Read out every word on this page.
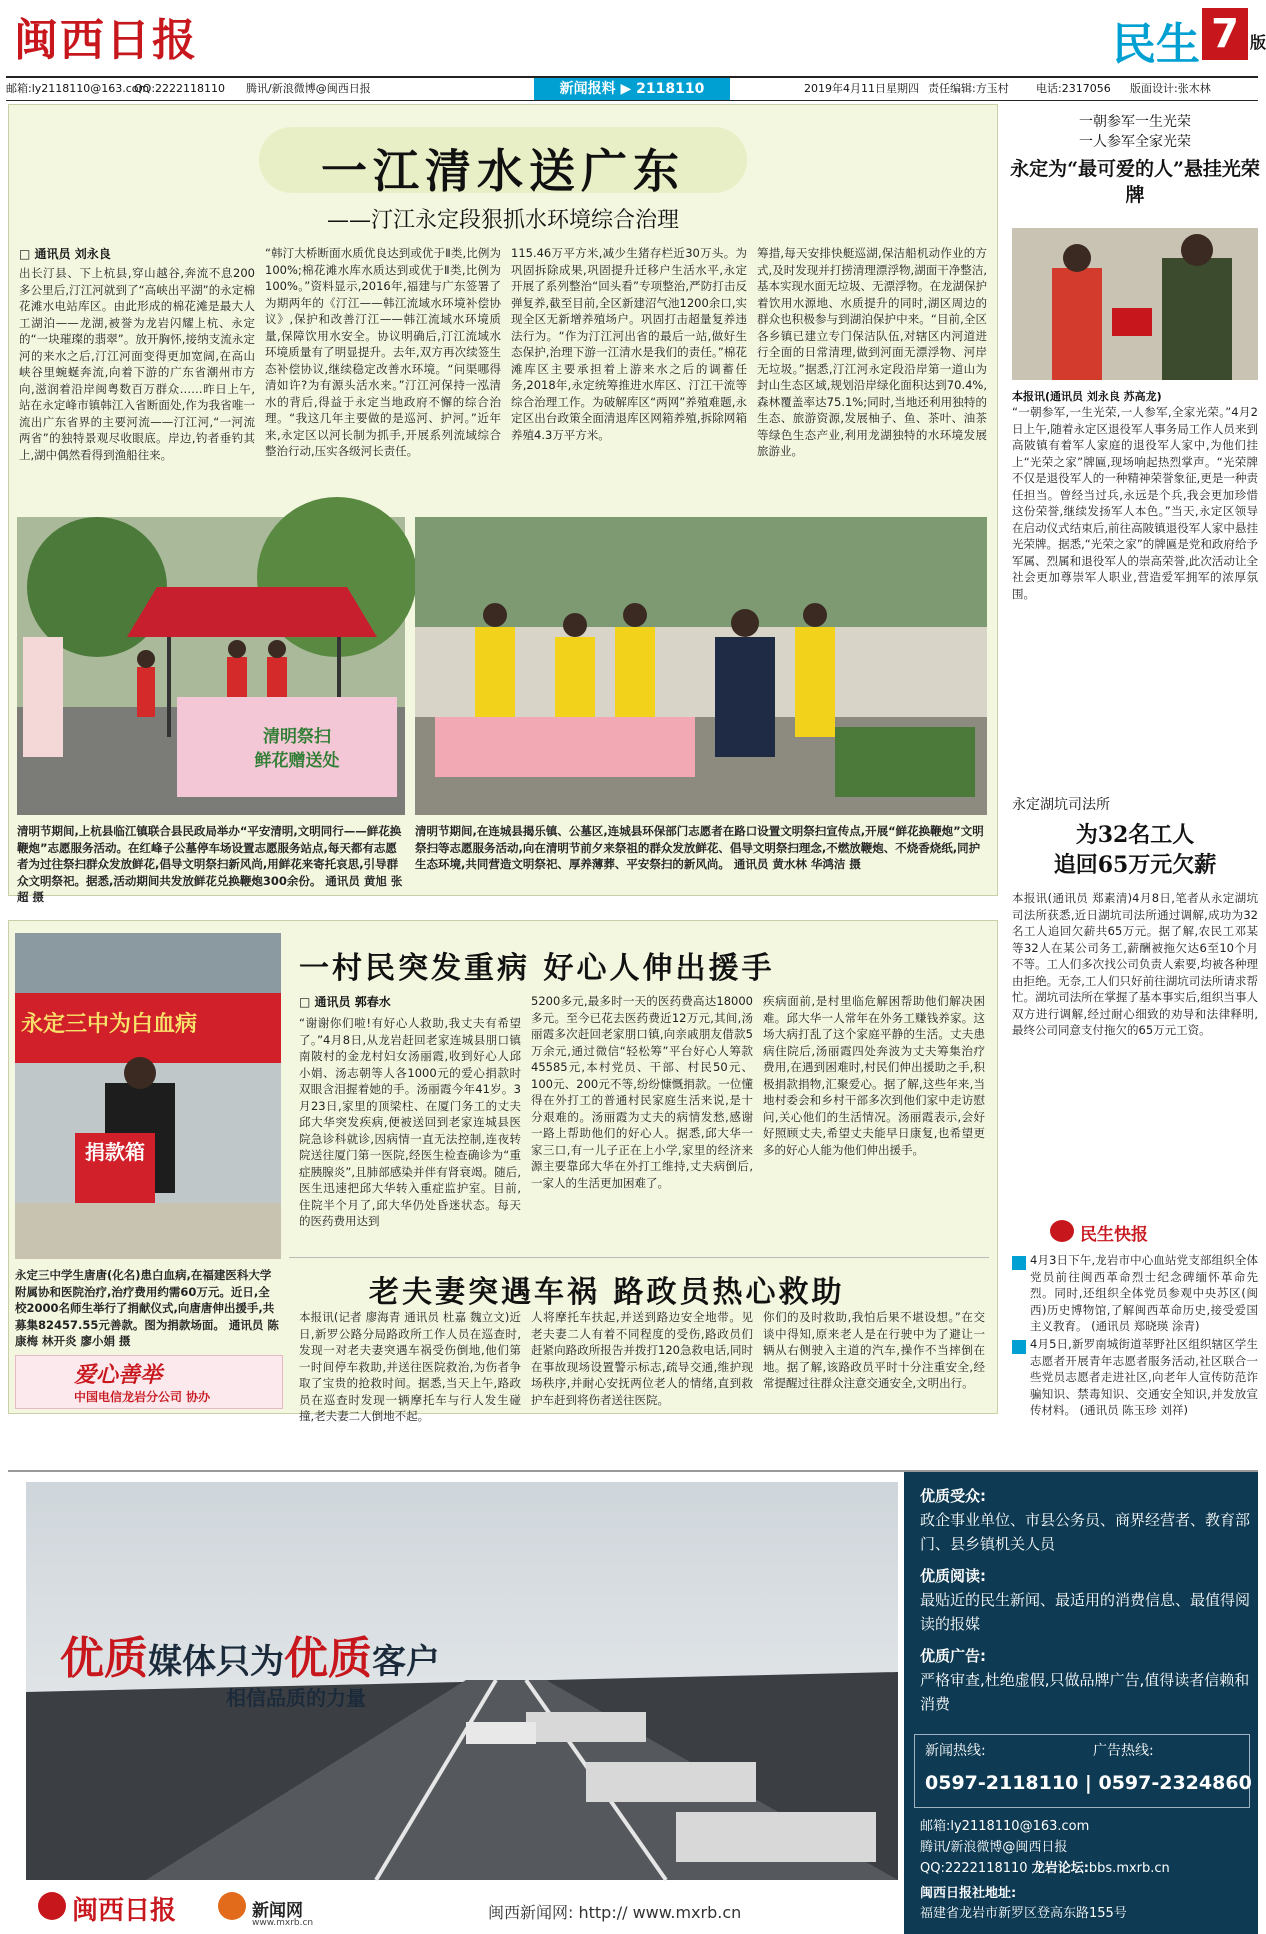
闽西日报	民生 7 版
邮箱:ly2118110@163.com
QQ:2222118110 腾讯/新浪微博@闽西日报	新闻报料 ▶ 2118110	2019年4月11日 星期四 责任编辑:方玉村 电话:2317056 版面设计:张木林
一江清水送广东
——汀江永定段狠抓水环境综合治理
□ 通讯员 刘永良
出长汀县、下上杭县,穿山越谷,奔流不息200多公里后,汀江河就到了“高峡出平湖”的永定棉花滩水电站库区。由此形成的棉花滩是最大人工湖泊——龙湖,被誉为龙岩闪耀上杭、永定的“一块璀璨的翡翠”。放开胸怀,接纳支流永定河的来水之后,汀江河面变得更加宽阔,在高山峡谷里蜿蜒奔流,向着下游的广东省潮州市方向,滋润着沿岸闽粤数百万群众……昨日上午,站在永定峰市镇韩江入省断面处,作为我省唯一流出广东省界的主要河流——汀江河,“一河流两省”的独特景观尽收眼底。岸边,钓者垂钓其上,湖中偶然看得到渔船往来。
“韩汀大桥断面水质优良达到或优于Ⅱ类,比例为100%;棉花滩水库水质达到或优于Ⅱ类,比例为100%。”资料显示,2016年,福建与广东签署了为期两年的《汀江——韩江流域水环境补偿协议》,保护和改善汀江——韩江流域水环境质量,保障饮用水安全。协议明确后,汀江流域水环境质量有了明显提升。去年,双方再次续签生态补偿协议,继续稳定改善水环境。“问渠哪得清如许?为有源头活水来。”汀江河保持一泓清水的背后,得益于永定当地政府不懈的综合治理。“我这几年主要做的是巡河、护河。”近年来,永定区以河长制为抓手,开展系列流域综合整治行动,压实各级河长责任。
115.46万平方米,减少生猪存栏近30万头。为巩固拆除成果,巩固提升迁移户生活水平,永定开展了系列整治“回头看”专项整治,严防打击反弹复养,截至目前,全区新建沼气池1200余口,实现全区无新增养殖场户。巩固打击超量复养违法行为。“作为汀江河出省的最后一站,做好生态保护,治理下游一江清水是我们的责任。”棉花滩库区主要承担着上游来水之后的调蓄任务,2018年,永定统筹推进水库区、汀江干流等综合治理工作。为破解库区“两网”养殖难题,永定区出台政策全面清退库区网箱养殖,拆除网箱养殖4.3万平方米。
筹措,每天安排快艇巡湖,保洁船机动作业的方式,及时发现并打捞清理漂浮物,湖面干净整洁,基本实现水面无垃圾、无漂浮物。在龙湖保护着饮用水源地、水质提升的同时,湖区周边的群众也积极参与到湖泊保护中来。“目前,全区各乡镇已建立专门保洁队伍,对辖区内河道进行全面的日常清理,做到河面无漂浮物、河岸无垃圾。”据悉,汀江河永定段沿岸第一道山为封山生态区域,规划沿岸绿化面积达到70.4%,森林覆盖率达75.1%;同时,当地还利用独特的生态、旅游资源,发展柚子、鱼、茶叶、油茶等绿色生态产业,利用龙湖独特的水环境发展旅游业。
清明祭扫
鲜花赠送处
清明节期间,上杭县临江镇联合县民政局举办“平安清明,文明同行——鲜花换鞭炮”志愿服务活动。在红峰子公墓停车场设置志愿服务站点,每天都有志愿者为过往祭扫群众发放鲜花,倡导文明祭扫新风尚,用鲜花来寄托哀思,引导群众文明祭祀。据悉,活动期间共发放鲜花兑换鞭炮300余份。 通讯员 黄旭 张超 摄
清明节期间,在连城县揭乐镇、公墓区,连城县环保部门志愿者在路口设置文明祭扫宣传点,开展“鲜花换鞭炮”文明祭扫等志愿服务活动,向在清明节前夕来祭祖的群众发放鲜花、倡导文明祭扫理念,不燃放鞭炮、不烧香烧纸,同护生态环境,共同营造文明祭祀、厚养薄葬、平安祭扫的新风尚。 通讯员 黄水林 华鸿洁 摄
永定三中为白血病
捐款箱
永定三中学生唐唐(化名)患白血病,在福建医科大学附属协和医院治疗,治疗费用约需60万元。近日,全校2000名师生举行了捐献仪式,向唐唐伸出援手,共募集82457.55元善款。图为捐款场面。 通讯员 陈康梅 林开炎 廖小娟 摄
爱心善举
中国电信龙岩分公司 协办
一村民突发重病 好心人伸出援手
□ 通讯员 郭春水
“谢谢你们啦!有好心人救助,我丈夫有希望了。”4月8日,从龙岩赶回老家连城县朋口镇南陂村的金龙村妇女汤丽霞,收到好心人邱小娟、汤志朝等人各1000元的爱心捐款时双眼含泪握着她的手。汤丽霞今年41岁。3月23日,家里的顶梁柱、在厦门务工的丈夫邱大华突发疾病,便被送回到老家连城县医院急诊科就诊,因病情一直无法控制,连夜转院送往厦门第一医院,经医生检查确诊为“重症胰腺炎”,且肺部感染并伴有肾衰竭。随后,医生迅速把邱大华转入重症监护室。目前,住院半个月了,邱大华仍处昏迷状态。每天的医药费用达到
5200多元,最多时一天的医药费高达18000多元。至今已花去医药费近12万元,其间,汤丽霞多次赶回老家朋口镇,向亲戚朋友借款5万余元,通过微信“轻松筹”平台好心人筹款45585元,本村党员、干部、村民50元、100元、200元不等,纷纷慷慨捐款。一位懂得在外打工的普通村民家庭生活来说,是十分艰难的。汤丽霞为丈夫的病情发愁,感谢一路上帮助他们的好心人。据悉,邱大华一家三口,有一儿子正在上小学,家里的经济来源主要靠邱大华在外打工维持,丈夫病倒后,一家人的生活更加困难了。
疾病面前,是村里临危解困帮助他们解决困难。邱大华一人常年在外务工赚钱养家。这场大病打乱了这个家庭平静的生活。丈夫患病住院后,汤丽霞四处奔波为丈夫筹集治疗费用,在遇到困难时,村民们伸出援助之手,积极捐款捐物,汇聚爱心。据了解,这些年来,当地村委会和乡村干部多次到他们家中走访慰问,关心他们的生活情况。汤丽霞表示,会好好照顾丈夫,希望丈夫能早日康复,也希望更多的好心人能为他们伸出援手。
老夫妻突遇车祸 路政员热心救助
本报讯(记者 廖海青 通讯员 杜嘉 魏立文)近日,新罗公路分局路政所工作人员在巡查时,发现一对老夫妻突遇车祸受伤倒地,他们第一时间停车救助,并送往医院救治,为伤者争取了宝贵的抢救时间。据悉,当天上午,路政员在巡查时发现一辆摩托车与行人发生碰撞,老夫妻二人倒地不起。
人将摩托车扶起,并送到路边安全地带。见老夫妻二人有着不同程度的受伤,路政员们赶紧向路政所报告并拨打120急救电话,同时在事故现场设置警示标志,疏导交通,维护现场秩序,并耐心安抚两位老人的情绪,直到救护车赶到将伤者送往医院。
你们的及时救助,我怕后果不堪设想。”在交谈中得知,原来老人是在行驶中为了避让一辆从右侧驶入主道的汽车,操作不当摔倒在地。据了解,该路政员平时十分注重安全,经常提醒过往群众注意交通安全,文明出行。
一朝参军一生光荣
一人参军全家光荣
永定为“最可爱的人”悬挂光荣牌
本报讯(通讯员 刘永良 苏高龙)
“一朝参军,一生光荣,一人参军,全家光荣。”4月2日上午,随着永定区退役军人事务局工作人员来到高陂镇有着军人家庭的退役军人家中,为他们挂上“光荣之家”牌匾,现场响起热烈掌声。“光荣牌不仅是退役军人的一种精神荣誉象征,更是一种责任担当。曾经当过兵,永远是个兵,我会更加珍惜这份荣誉,继续发扬军人本色。”当天,永定区领导在启动仪式结束后,前往高陂镇退役军人家中悬挂光荣牌。据悉,“光荣之家”的牌匾是党和政府给予军属、烈属和退役军人的崇高荣誉,此次活动让全社会更加尊崇军人职业,营造爱军拥军的浓厚氛围。
永定湖坑司法所
为32名工人
追回65万元欠薪
本报讯(通讯员 郑素清)4月8日,笔者从永定湖坑司法所获悉,近日湖坑司法所通过调解,成功为32名工人追回欠薪共65万元。据了解,农民工邓某等32人在某公司务工,薪酬被拖欠达6至10个月不等。工人们多次找公司负责人索要,均被各种理由拒绝。无奈,工人们只好前往湖坑司法所请求帮忙。湖坑司法所在掌握了基本事实后,组织当事人双方进行调解,经过耐心细致的劝导和法律释明,最终公司同意支付拖欠的65万元工资。
民生快报
4月3日下午,龙岩市中心血站党支部组织全体党员前往闽西革命烈士纪念碑缅怀革命先烈。同时,还组织全体党员参观中央苏区(闽西)历史博物馆,了解闽西革命历史,接受爱国主义教育。 (通讯员 郑晓瑛 涂青)
4月5日,新罗南城街道莘野社区组织辖区学生志愿者开展青年志愿者服务活动,社区联合一些党员志愿者走进社区,向老年人宣传防范诈骗知识、禁毒知识、交通安全知识,并发放宣传材料。 (通讯员 陈玉珍 刘祥)
优质媒体只为优质客户
相信品质的力量
优质受众:
政企事业单位、市县公务员、商界经营者、教育部门、县乡镇机关人员
优质阅读:
最贴近的民生新闻、最适用的消费信息、最值得阅读的报媒
优质广告:
严格审查,杜绝虚假,只做品牌广告,值得读者信赖和消费
新闻热线:	广告热线:
0597-2118110 | 0597-2324860
邮箱:ly2118110@163.com
腾讯/新浪微博@闽西日报
QQ:2222118110 龙岩论坛:bbs.mxrb.cn
闽西日报社地址:
福建省龙岩市新罗区登高东路155号
闽西日报	新闻网
www.mxrb.cn
闽西新闻网: http:// www.mxrb.cn
